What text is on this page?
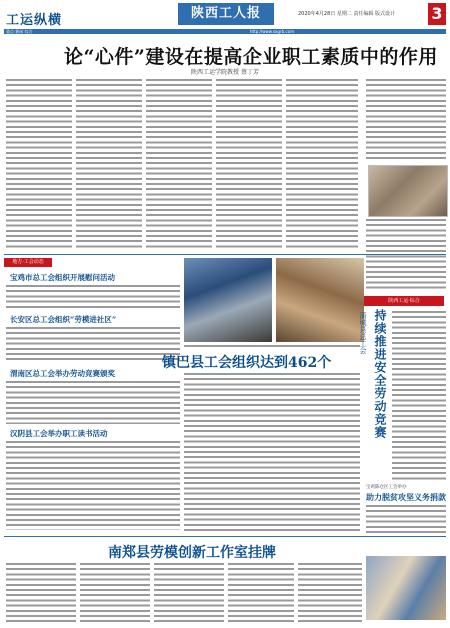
工运纵横	陕西工人报	2020年4月28日 星期二 责任编辑 版式设计 3
重点 新闻 综合	http://www.sxgrb.com
论“心件”建设在提高企业职工素质中的作用
陕西工运学院教授 蔡丁芳
陕西工运·综合
地方·工会动态
宝鸡市总工会组织开展慰问活动
长安区总工会组织“劳模进社区”
渭南区总工会举办劳动竞赛颁奖
汉阴县工会举办职工读书活动
镇巴县工会组织达到462个	持续推进安全劳动竞赛
蒲城县总工会
宝鸡陈仓区工会举办
助力脱贫攻坚义务捐款
南郑县劳模创新工作室挂牌
